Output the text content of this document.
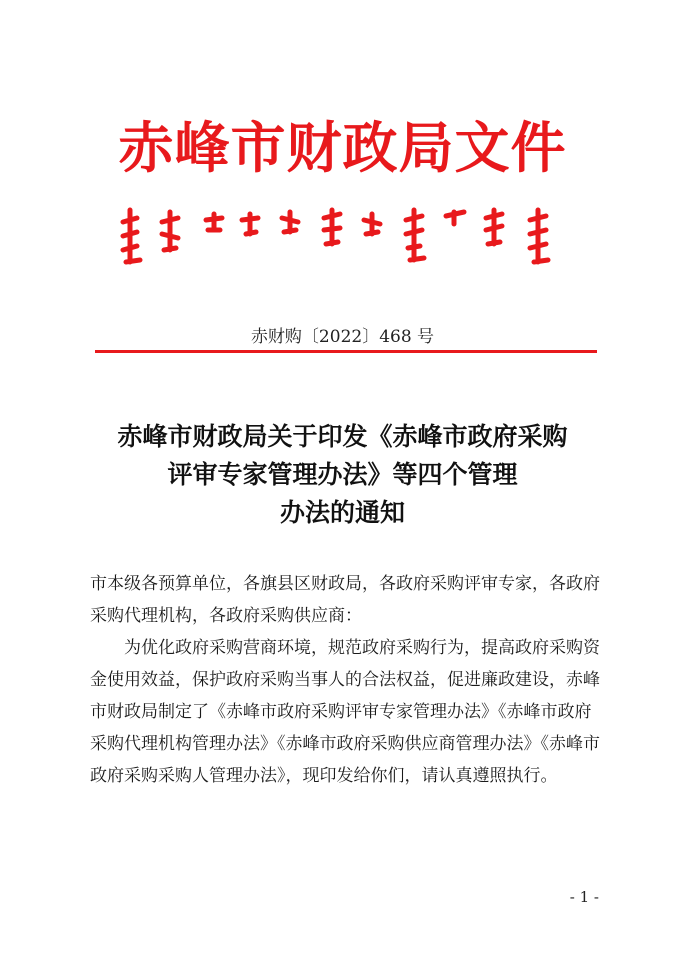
赤峰市财政局文件
赤财购〔2022〕468 号
赤峰市财政局关于印发《赤峰市政府采购
评审专家管理办法》等四个管理
办法的通知

市本级各预算单位，各旗县区财政局，各政府采购评审专家，各政府采购代理机构，各政府采购供应商：

为优化政府采购营商环境，规范政府采购行为，提高政府采购资金使用效益，保护政府采购当事人的合法权益，促进廉政建设，赤峰市财政局制定了《赤峰市政府采购评审专家管理办法》《赤峰市政府采购代理机构管理办法》《赤峰市政府采购供应商管理办法》《赤峰市政府采购采购人管理办法》，现印发给你们，请认真遵照执行。

- 1 -
